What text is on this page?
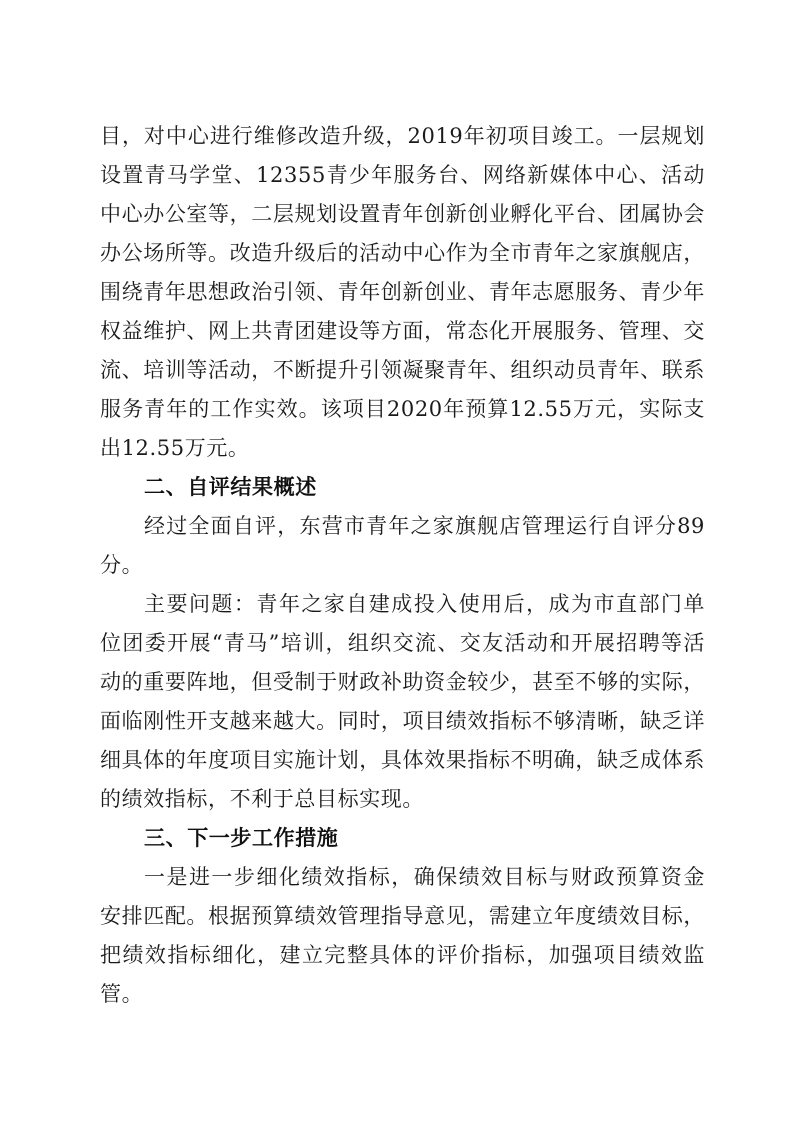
目，对中心进行维修改造升级，2019年初项目竣工。一层规划设置青马学堂、12355青少年服务台、网络新媒体中心、活动中心办公室等，二层规划设置青年创新创业孵化平台、团属协会办公场所等。改造升级后的活动中心作为全市青年之家旗舰店，围绕青年思想政治引领、青年创新创业、青年志愿服务、青少年权益维护、网上共青团建设等方面，常态化开展服务、管理、交流、培训等活动，不断提升引领凝聚青年、组织动员青年、联系服务青年的工作实效。该项目2020年预算12.55万元，实际支出12.55万元。

二、自评结果概述

经过全面自评，东营市青年之家旗舰店管理运行自评分89分。

主要问题：青年之家自建成投入使用后，成为市直部门单位团委开展“青马”培训，组织交流、交友活动和开展招聘等活动的重要阵地，但受制于财政补助资金较少，甚至不够的实际，面临刚性开支越来越大。同时，项目绩效指标不够清晰，缺乏详细具体的年度项目实施计划，具体效果指标不明确，缺乏成体系的绩效指标，不利于总目标实现。

三、下一步工作措施

一是进一步细化绩效指标，确保绩效目标与财政预算资金安排匹配。根据预算绩效管理指导意见，需建立年度绩效目标，把绩效指标细化，建立完整具体的评价指标，加强项目绩效监管。
